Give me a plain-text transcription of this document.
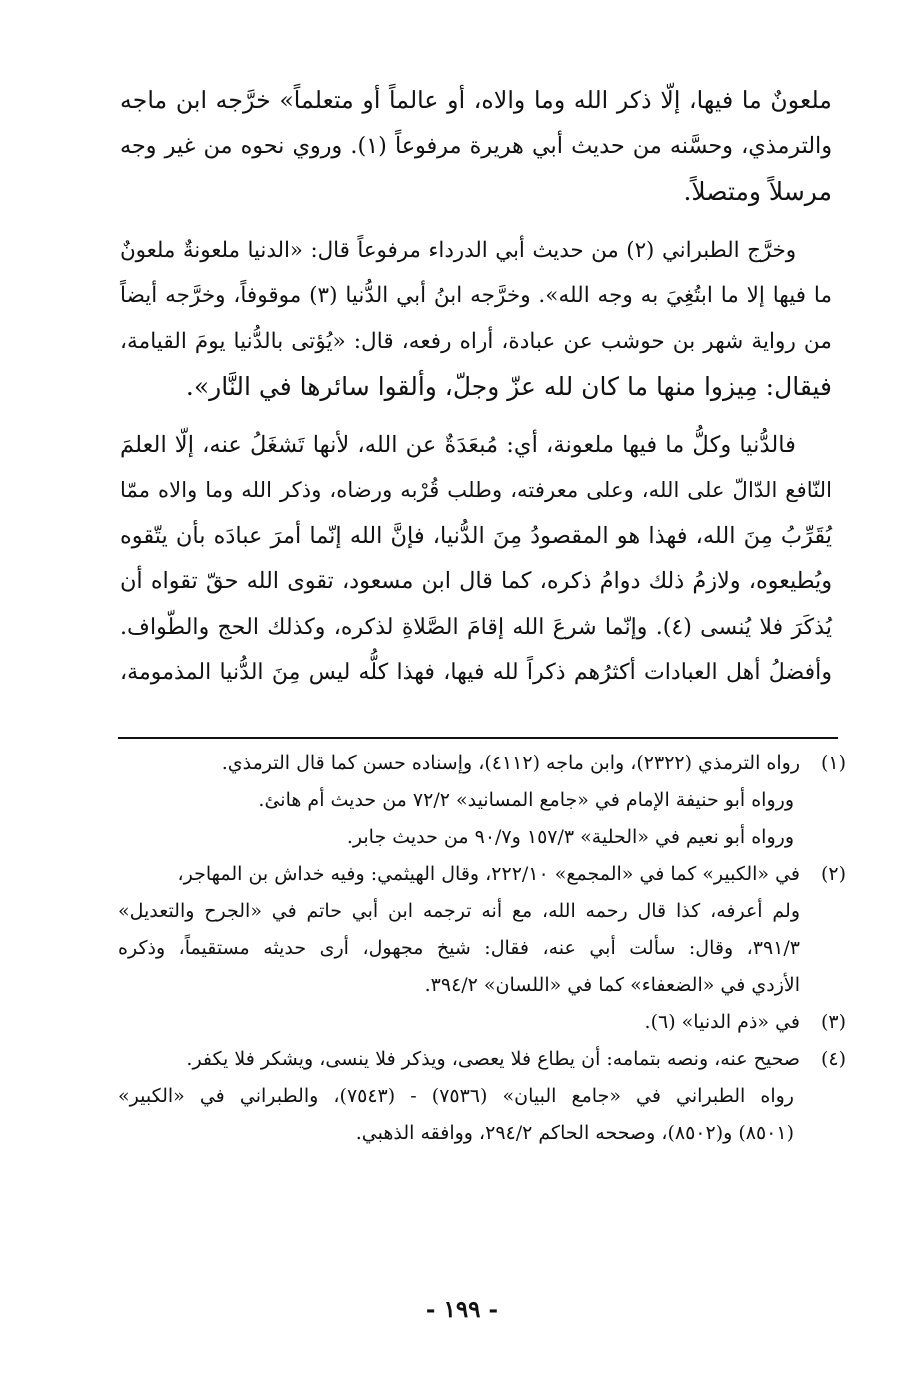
ملعونٌ ما فيها، إلّا ذكر الله وما والاه، أو عالماً أو متعلماً» خرَّجه ابن ماجه
والترمذي، وحسَّنه من حديث أبي هريرة مرفوعاً (١). وروي نحوه من غير وجه
مرسلاً ومتصلاً.

وخرَّج الطبراني (٢) من حديث أبي الدرداء مرفوعاً قال: «الدنيا ملعونةٌ ملعونٌ
ما فيها إلا ما ابتُغِيَ به وجه الله». وخرَّجه ابنُ أبي الدُّنيا (٣) موقوفاً، وخرَّجه أيضاً
من رواية شهر بن حوشب عن عبادة، أراه رفعه، قال: «يُؤتى بالدُّنيا يومَ القيامة،
فيقال: مِيزوا منها ما كان لله عزّ وجلّ، وألقوا سائرها في النَّار».

فالدُّنيا وكلُّ ما فيها ملعونة، أي: مُبعَدَةٌ عن الله، لأنها تَشغَلُ عنه، إلّا العلمَ
النّافع الدّالّ على الله، وعلى معرفته، وطلب قُرْبه ورضاه، وذكر الله وما والاه ممّا
يُقَرِّبُ مِنَ الله، فهذا هو المقصودُ مِنَ الدُّنيا، فإنَّ الله إنّما أمرَ عبادَه بأن يتّقوه
ويُطيعوه، ولازمُ ذلك دوامُ ذكره، كما قال ابن مسعود، تقوى الله حقّ تقواه أن
يُذكَرَ فلا يُنسى (٤). وإنّما شرعَ الله إقامَ الصَّلاةِ لذكره، وكذلك الحج والطّواف.
وأفضلُ أهل العبادات أكثرُهم ذكراً لله فيها، فهذا كلُّه ليس مِنَ الدُّنيا المذمومة،

(١)
رواه الترمذي (٢٣٢٢)، وابن ماجه (٤١١٢)، وإسناده حسن كما قال الترمذي.
ورواه أبو حنيفة الإمام في «جامع المسانيد» ٧٢/٢ من حديث أم هانئ.
ورواه أبو نعيم في «الحلية» ١٥٧/٣ و٩٠/٧ من حديث جابر.
(٢)
في «الكبير» كما في «المجمع» ٢٢٢/١٠، وقال الهيثمي: وفيه خداش بن المهاجر،
ولم أعرفه، كذا قال رحمه الله، مع أنه ترجمه ابن أبي حاتم في «الجرح والتعديل»
٣٩١/٣، وقال: سألت أبي عنه، فقال: شيخ مجهول، أرى حديثه مستقيماً، وذكره
الأزدي في «الضعفاء» كما في «اللسان» ٣٩٤/٢.
(٣)
في «ذم الدنيا» (٦).
(٤)
صحيح عنه، ونصه بتمامه: أن يطاع فلا يعصى، ويذكر فلا ينسى، ويشكر فلا يكفر.
رواه الطبراني في «جامع البيان» (٧٥٣٦) - (٧٥٤٣)، والطبراني في «الكبير»
(٨٥٠١) و(٨٥٠٢)، وصححه الحاكم ٢٩٤/٢، ووافقه الذهبي.
- ١٩٩ -
